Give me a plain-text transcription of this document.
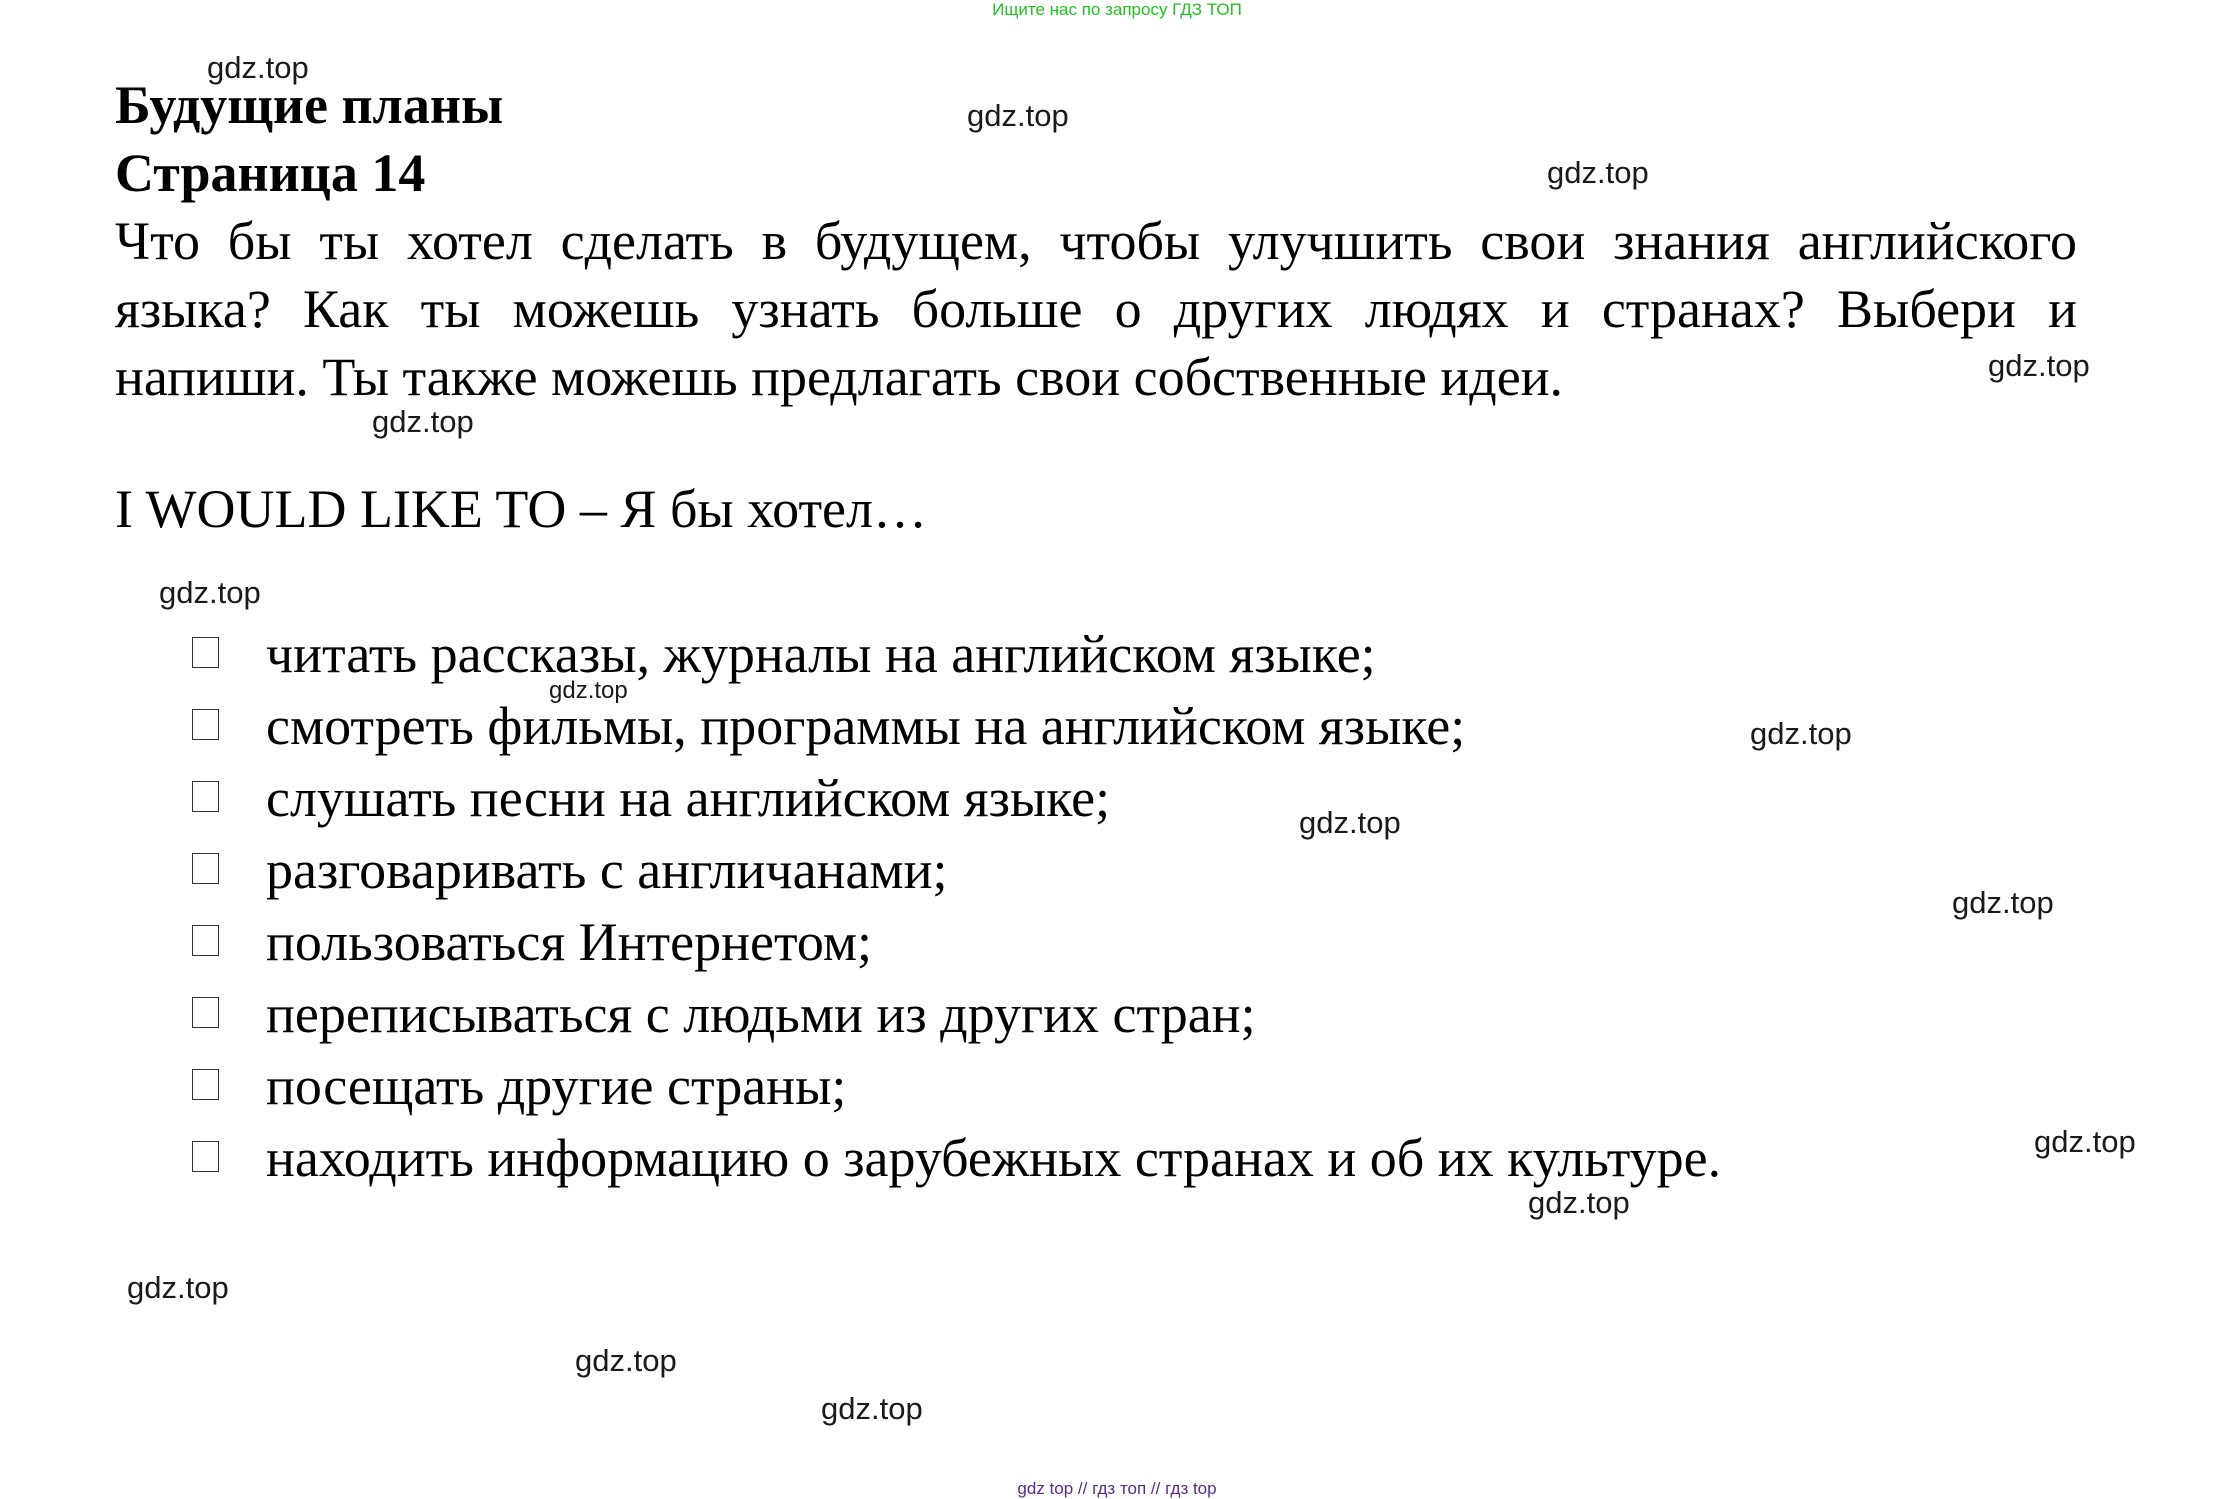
Ищите нас по запросу ГДЗ ТОП
Будущие планы
Страница 14
Что бы ты хотел сделать в будущем, чтобы улучшить свои знания английского
языка? Как ты можешь узнать больше о других людях и странах? Выбери и
напиши. Ты также можешь предлагать свои собственные идеи.
I WOULD LIKE TO – Я бы хотел…
читать рассказы, журналы на английском языке;
смотреть фильмы, программы на английском языке;
слушать песни на английском языке;
разговаривать с англичанами;
пользоваться Интернетом;
переписываться с людьми из других стран;
посещать другие страны;
находить информацию о зарубежных странах и об их культуре.
gdz.top
gdz.top
gdz.top
gdz.top
gdz.top
gdz.top
gdz.top
gdz.top
gdz.top
gdz.top
gdz.top
gdz.top
gdz.top
gdz.top
gdz.top
gdz top // гдз топ // гдз top
